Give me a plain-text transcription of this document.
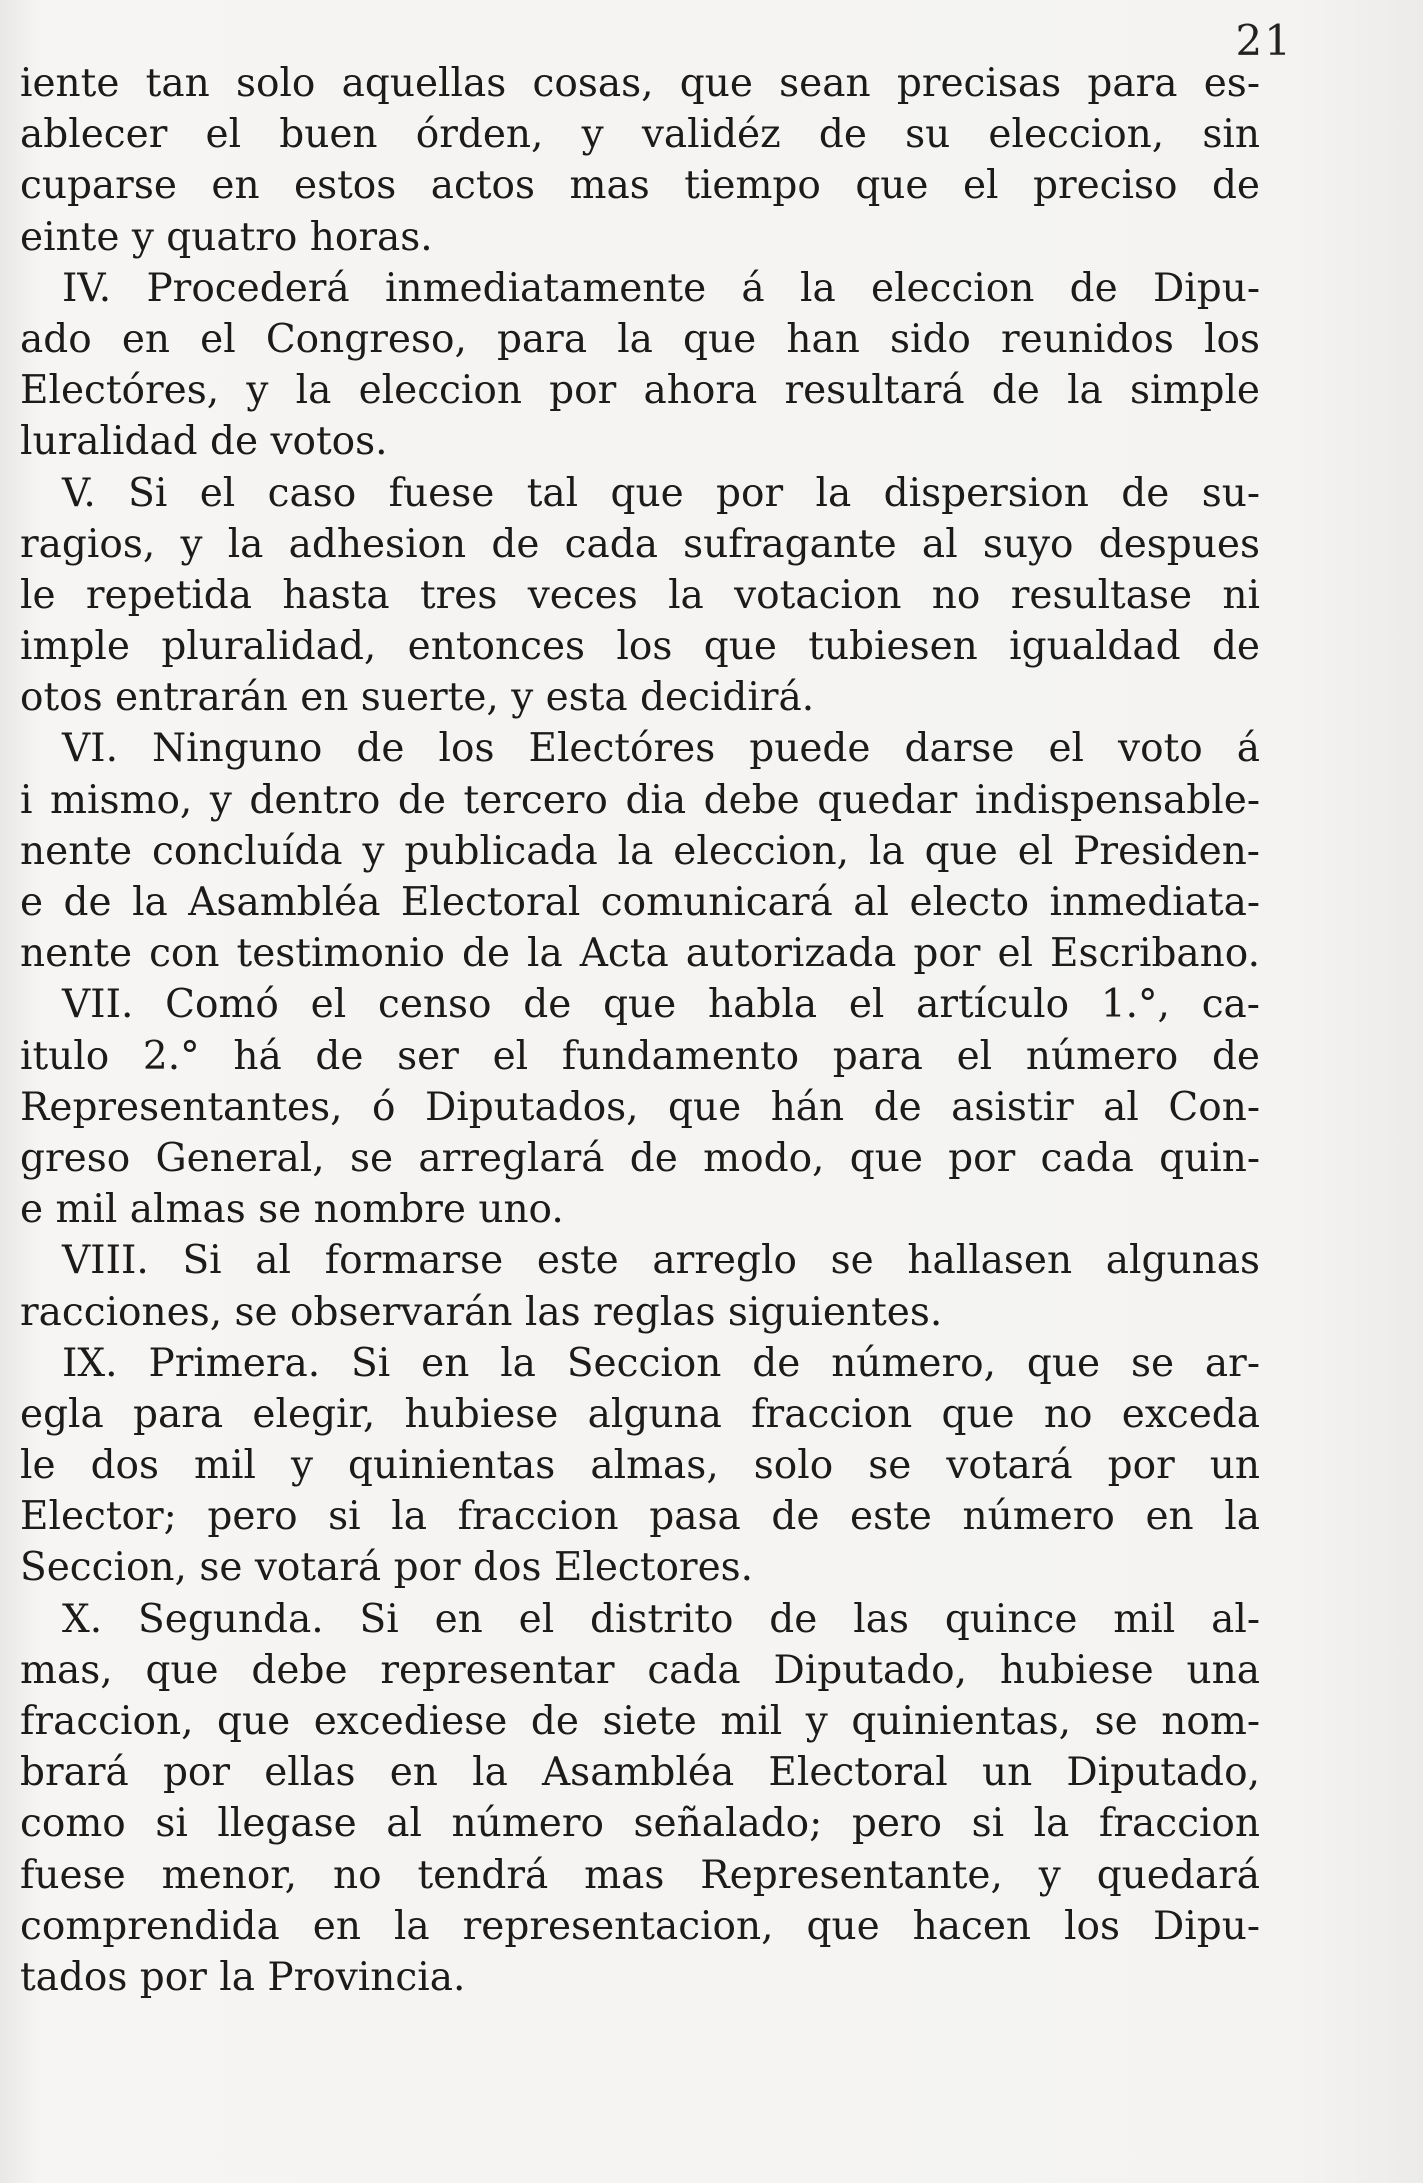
21
iente tan solo aquellas cosas, que sean precisas para es-
ablecer el buen órden, y validéz de su eleccion, sin
cuparse en estos actos mas tiempo que el preciso de
einte y quatro horas.
IV. Procederá inmediatamente á la eleccion de Dipu-
ado en el Congreso, para la que han sido reunidos los
Electóres, y la eleccion por ahora resultará de la simple
luralidad de votos.
V. Si el caso fuese tal que por la dispersion de su-
ragios, y la adhesion de cada sufragante al suyo despues
le repetida hasta tres veces la votacion no resultase ni
imple pluralidad, entonces los que tubiesen igualdad de
otos entrarán en suerte, y esta decidirá.
VI. Ninguno de los Electóres puede darse el voto á
i mismo, y dentro de tercero dia debe quedar indispensable-
nente concluída y publicada la eleccion, la que el Presiden-
e de la Asambléa Electoral comunicará al electo inmediata-
nente con testimonio de la Acta autorizada por el Escribano.
VII. Comó el censo de que habla el artículo 1.°, ca-
itulo 2.° há de ser el fundamento para el número de
Representantes, ó Diputados, que hán de asistir al Con-
greso General, se arreglará de modo, que por cada quin-
e mil almas se nombre uno.
VIII. Si al formarse este arreglo se hallasen algunas
racciones, se observarán las reglas siguientes.
IX. Primera. Si en la Seccion de número, que se ar-
egla para elegir, hubiese alguna fraccion que no exceda
le dos mil y quinientas almas, solo se votará por un
Elector; pero si la fraccion pasa de este número en la
Seccion, se votará por dos Electores.
X. Segunda. Si en el distrito de las quince mil al-
mas, que debe representar cada Diputado, hubiese una
fraccion, que excediese de siete mil y quinientas, se nom-
brará por ellas en la Asambléa Electoral un Diputado,
como si llegase al número señalado; pero si la fraccion
fuese menor, no tendrá mas Representante, y quedará
comprendida en la representacion, que hacen los Dipu-
tados por la Provincia.
